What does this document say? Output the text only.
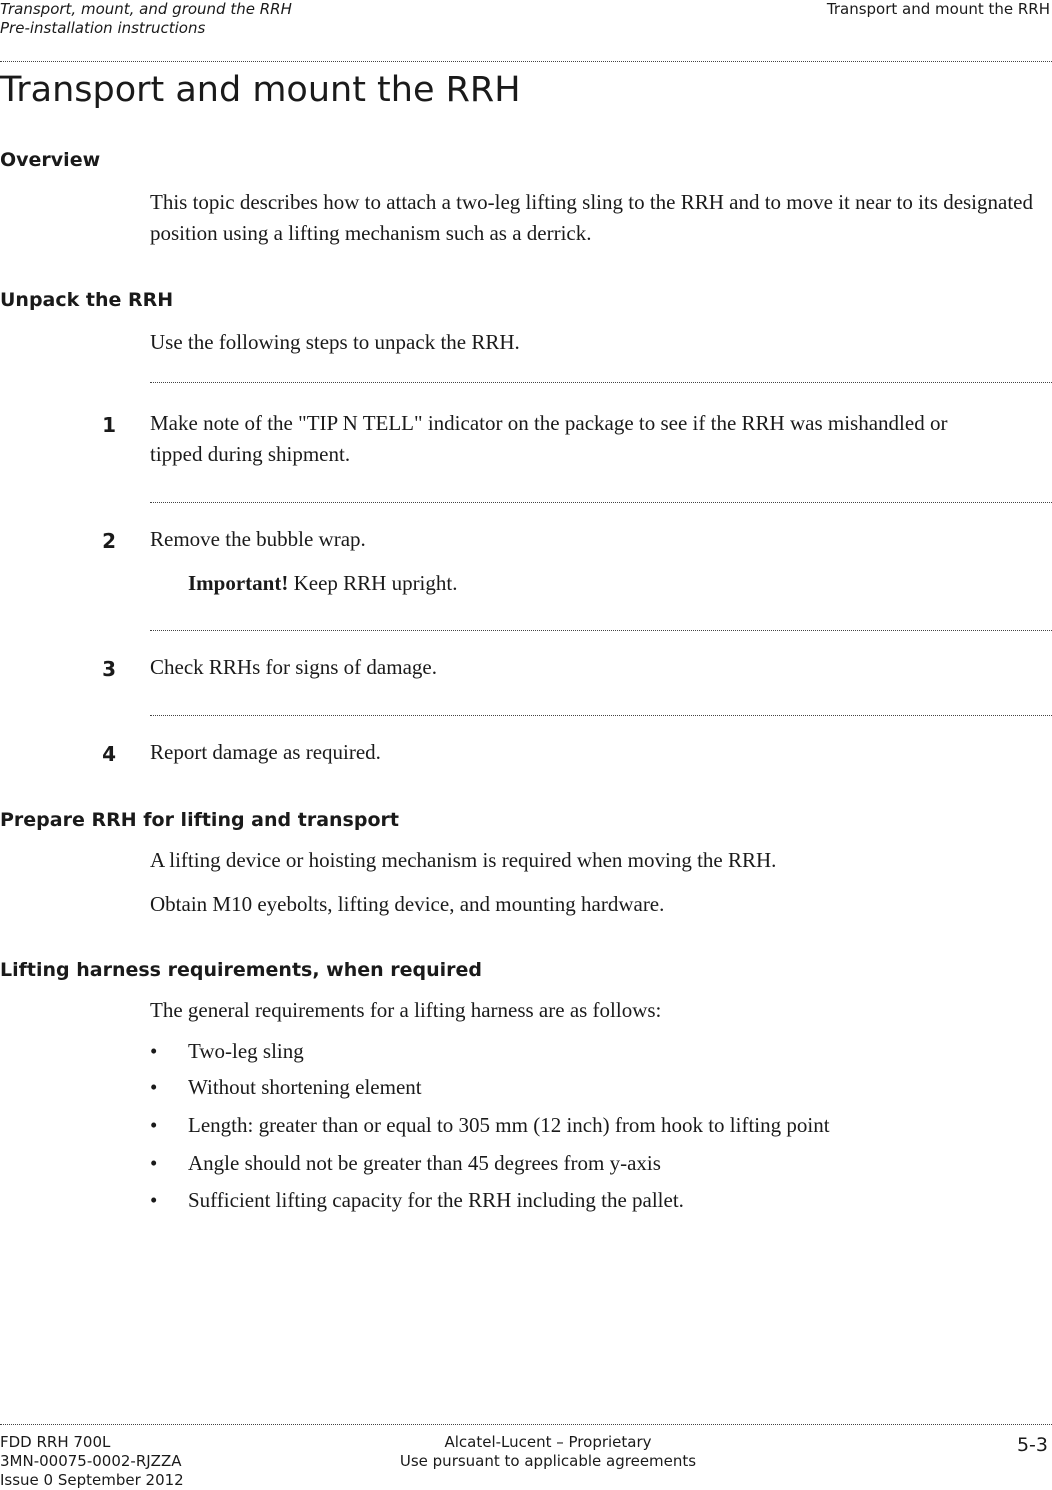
Transport, mount, and ground the RRH
Pre-installation instructions
Transport and mount the RRH
Transport and mount the RRH
Overview
This topic describes how to attach a two-leg lifting sling to the RRH and to move it near to its designated position using a lifting mechanism such as a derrick.
Unpack the RRH
Use the following steps to unpack the RRH.
1 Make note of the "TIP N TELL" indicator on the package to see if the RRH was mishandled or tipped during shipment.
2 Remove the bubble wrap.
Important! Keep RRH upright.
3 Check RRHs for signs of damage.
4 Report damage as required.
Prepare RRH for lifting and transport
A lifting device or hoisting mechanism is required when moving the RRH.
Obtain M10 eyebolts, lifting device, and mounting hardware.
Lifting harness requirements, when required
The general requirements for a lifting harness are as follows:
• Two-leg sling
• Without shortening element
• Length: greater than or equal to 305 mm (12 inch) from hook to lifting point
• Angle should not be greater than 45 degrees from y-axis
• Sufficient lifting capacity for the RRH including the pallet.
FDD RRH 700L
3MN-00075-0002-RJZZA
Issue 0 September 2012
Alcatel-Lucent – Proprietary
Use pursuant to applicable agreements
5-3
